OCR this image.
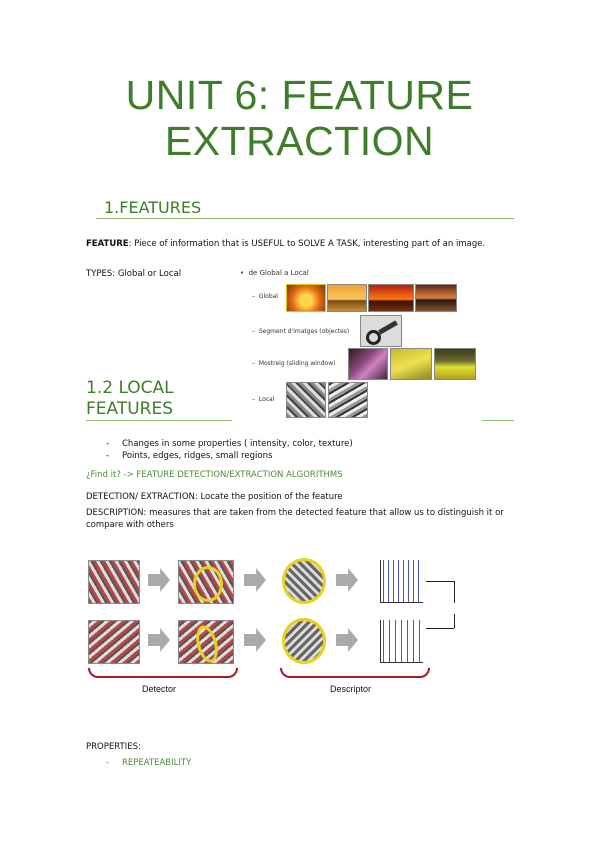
UNIT 6: FEATURE
EXTRACTION
1.FEATURES
FEATURE: Piece of information that is USEFUL to SOLVE A TASK, interesting part of an image.
TYPES: Global or Local	•  de Global a Local
–  Global
–  Segment d'imatges (objectes)
–  Mostreig (sliding window)
–  Local
1.2 LOCAL
FEATURES
- Changes in some properties ( intensity, color, texture)
- Points, edges, ridges, small regions
¿Find it? -> FEATURE DETECTION/EXTRACTION ALGORITHMS
DETECTION/ EXTRACTION: Locate the position of the feature
DESCRIPTION: measures that are taken from the detected feature that allow us to distinguish it or compare with others
Detector	Descriptor
PROPERTIES:
- REPEATEABILITY
